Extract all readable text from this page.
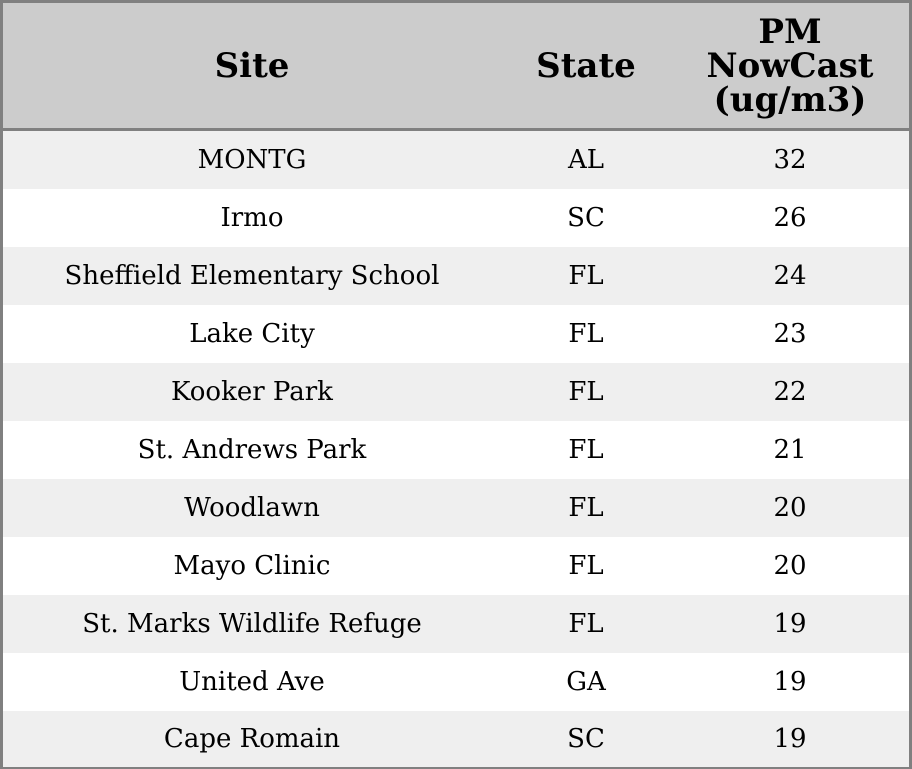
Site	State	PM
NowCast
(ug/m3)

MONTG	AL	32
Irmo	SC	26
Sheffield Elementary School	FL	24
Lake City	FL	23
Kooker Park	FL	22
St. Andrews Park	FL	21
Woodlawn	FL	20
Mayo Clinic	FL	20
St. Marks Wildlife Refuge	FL	19
United Ave	GA	19
Cape Romain	SC	19
